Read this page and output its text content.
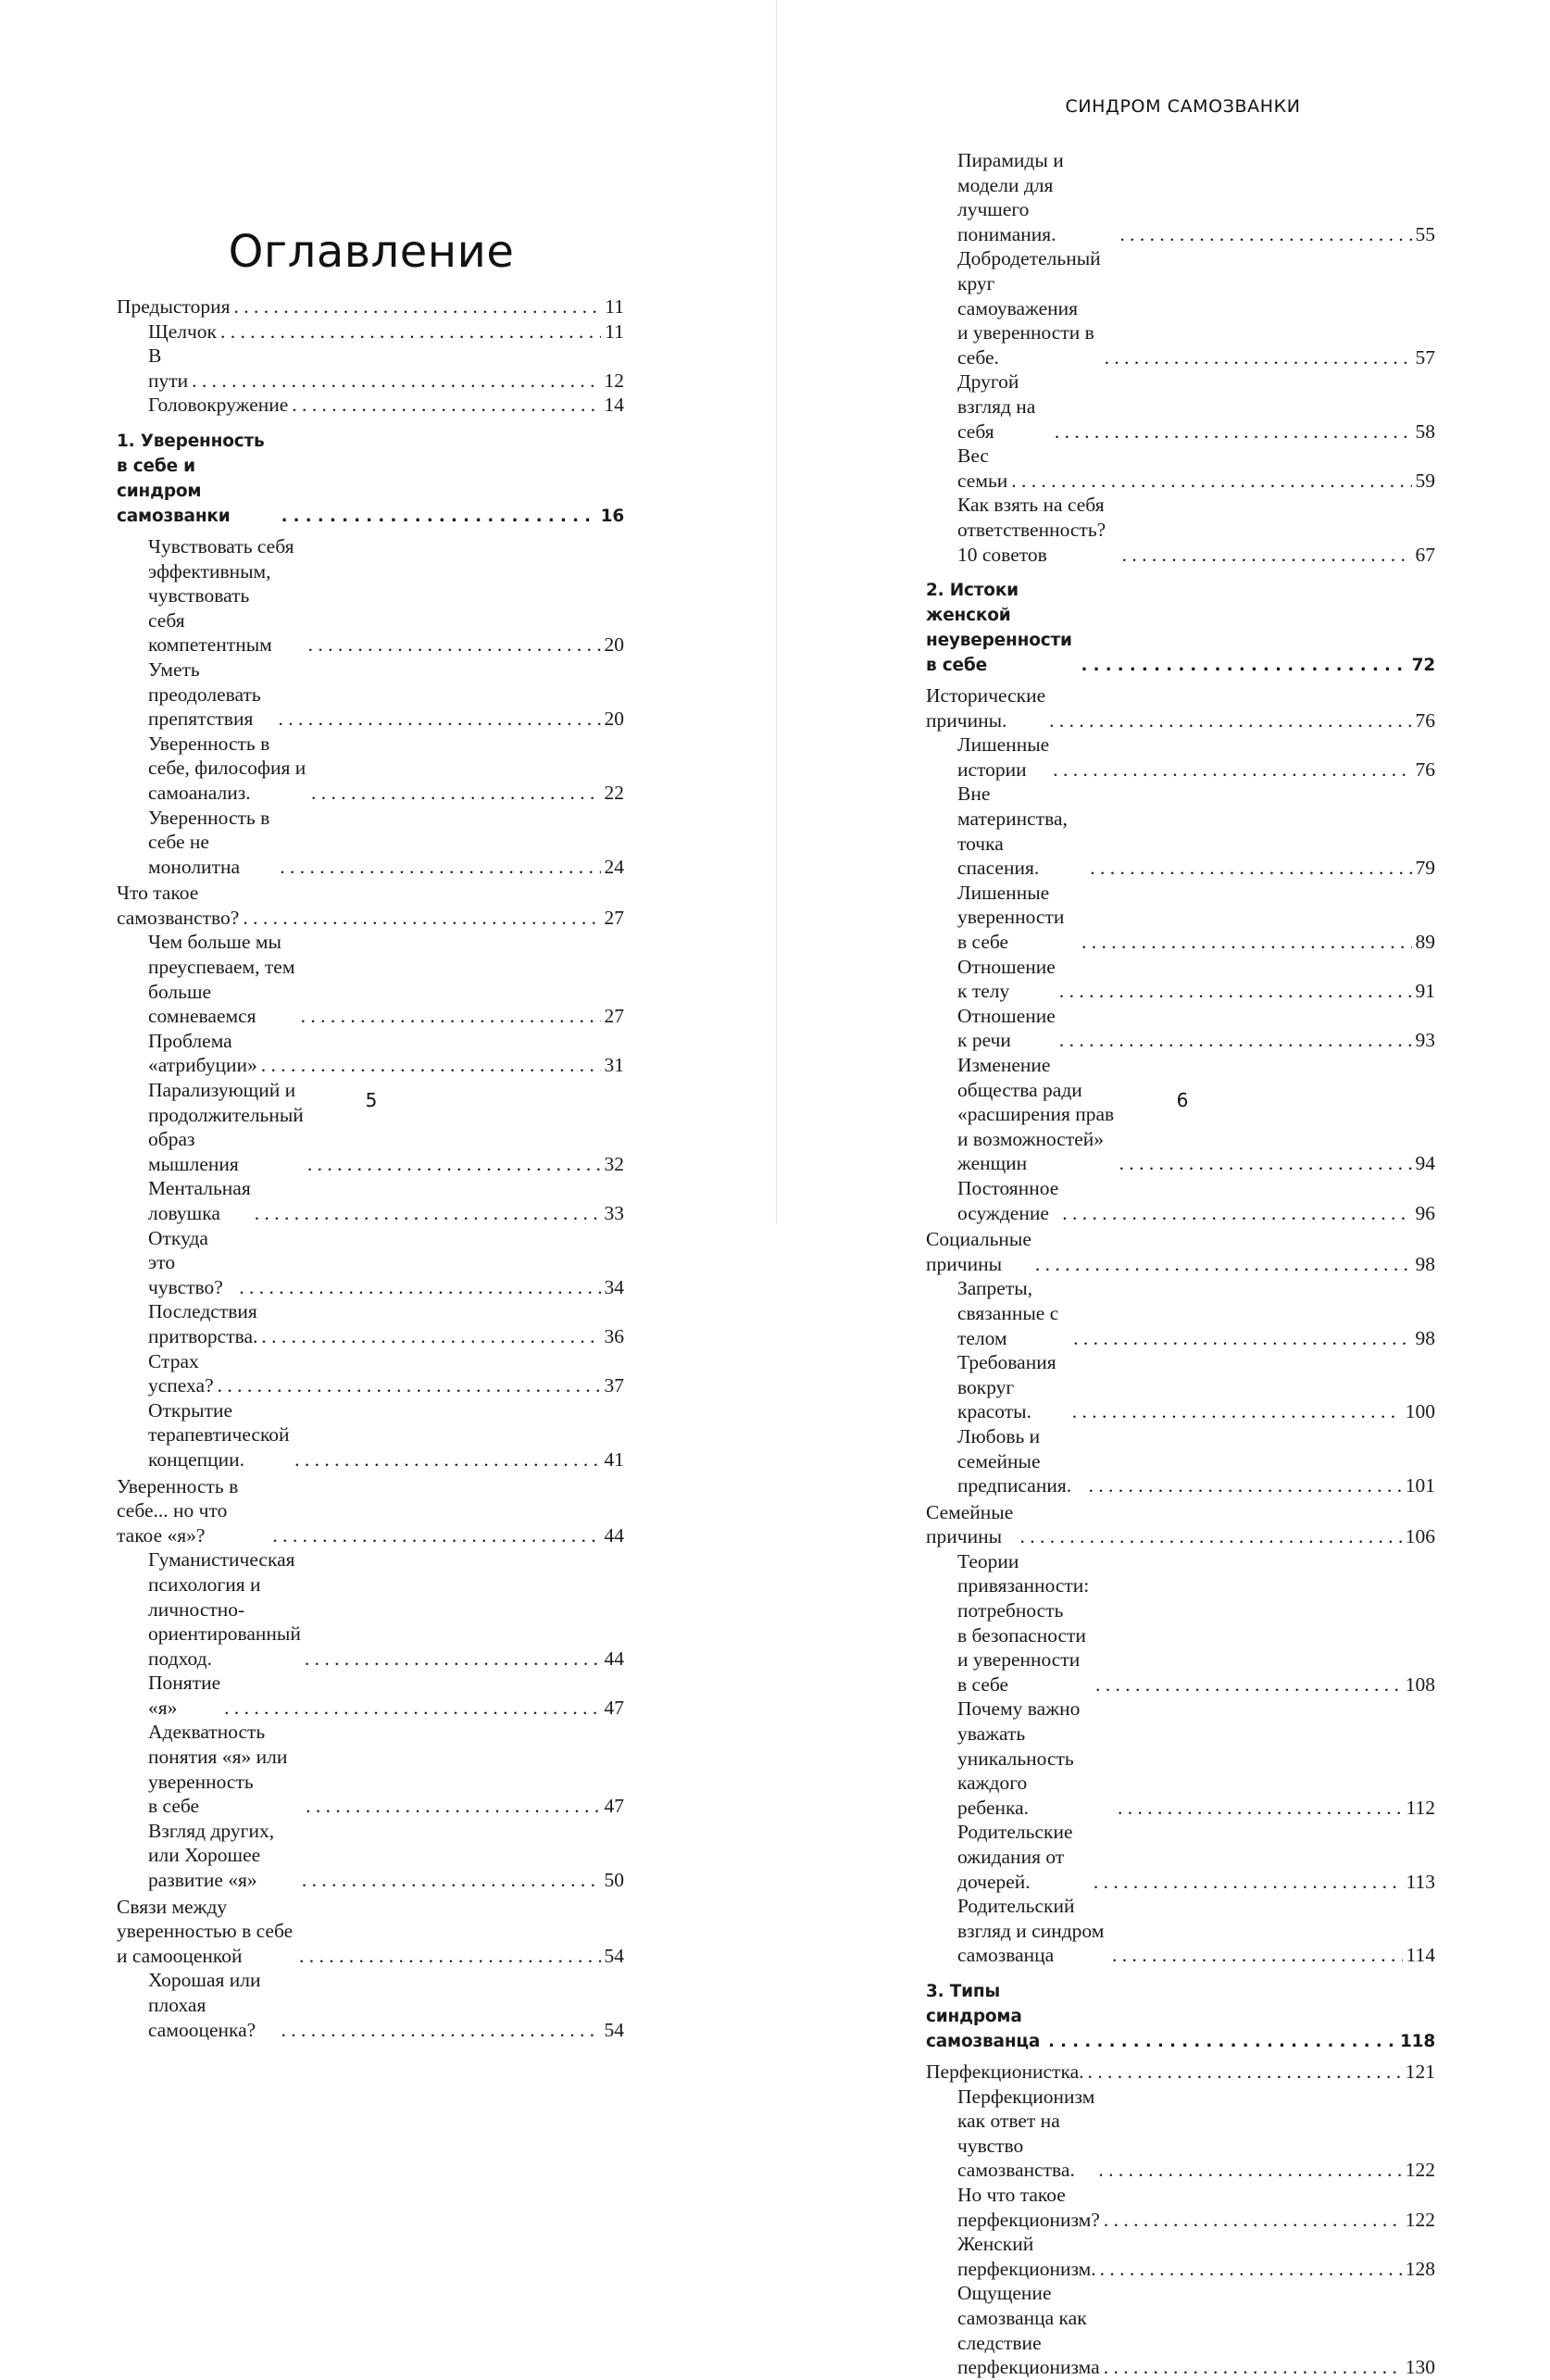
Оглавление
Предыстория . . .	11
Щелчок . . .	11
В пути . . .	12
Головокружение . . .	14
1. Уверенность в себе и синдром самозванки . . .	16
Чувствовать себя эффективным, чувствовать
себя компетентным . . .	20
Уметь преодолевать препятствия . . .	20
Уверенность в себе, философия и самоанализ. . . .	22
Уверенность в себе не монолитна . . .	24
Что такое самозванство? . . .	27
Чем больше мы преуспеваем, тем больше
сомневаемся . . .	27
Проблема «атрибуции» . . .	31
Парализующий и продолжительный образ
мышления . . .	32
Ментальная ловушка . . .	33
Откуда это чувство? . . .	34
Последствия притворства. . . .	36
Страх успеха? . . .	37
Открытие терапевтической концепции. . . .	41
Уверенность в себе... но что такое «я»? . . .	44
Гуманистическая психология и личностно-
ориентированный подход. . . .	44
Понятие «я» . . .	47
Адекватность понятия «я» или уверенность
в себе . . .	47
Взгляд других, или Хорошее развитие «я» . . .	50
Связи между уверенностью в себе и самооценкой . . .	54
Хорошая или плохая самооценка? . . .	54
5
СИНДРОМ САМОЗВАНКИ
Пирамиды и модели для лучшего понимания. . . .	55
Добродетельный круг самоуважения
и уверенности в себе. . . .	57
Другой взгляд на себя . . .	58
Вес семьи . . .	59
Как взять на себя ответственность? 10 советов . . .	67
2. Истоки женской неуверенности в себе . . .	72
Исторические причины. . . .	76
Лишенные истории . . .	76
Вне материнства, точка спасения. . . .	79
Лишенные уверенности в себе . . .	89
Отношение к телу . . .	91
Отношение к речи . . .	93
Изменение общества ради «расширения прав
и возможностей» женщин . . .	94
Постоянное осуждение . . .	96
Социальные причины . . .	98
Запреты, связанные с телом . . .	98
Требования вокруг красоты. . . .	100
Любовь и семейные предписания. . . .	101
Семейные причины . . .	106
Теории привязанности: потребность
в безопасности и уверенности в себе . . .	108
Почему важно уважать уникальность каждого
ребенка. . . .	112
Родительские ожидания от дочерей. . . .	113
Родительский взгляд и синдром самозванца . . .	114
3. Типы синдрома самозванца . . .	118
Перфекционистка. . . .	121
Перфекционизм как ответ на чувство
самозванства. . . .	122
Но что такое перфекционизм? . . .	122
Женский перфекционизм. . . .	128
Ощущение самозванца как следствие
перфекционизма . . .	130
6
